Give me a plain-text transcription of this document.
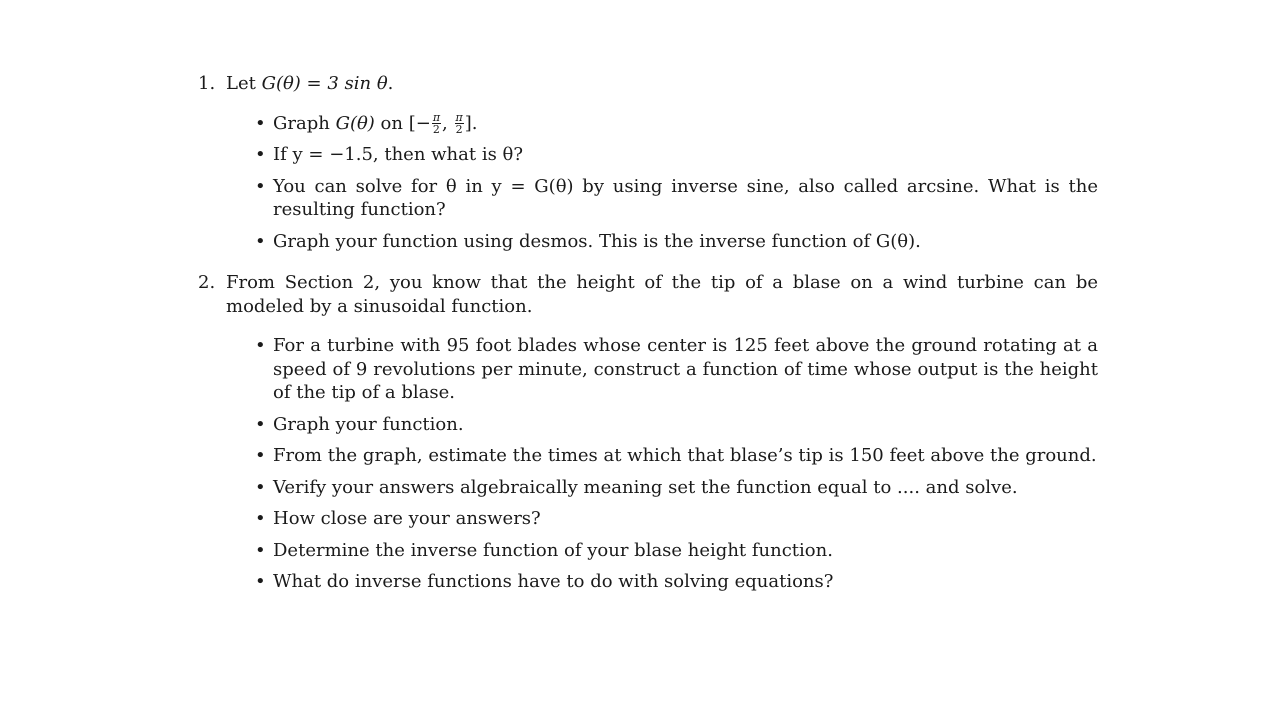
1. Let G(θ) = 3 sin θ.
• Graph G(θ) on [− $\frac{\pi}{2}$ , $\frac{\pi}{2}$ ].
• If y = −1.5, then what is θ?
• You can solve for θ in y = G(θ) by using inverse sine, also called arcsine. What is the resulting function?
• Graph your function using desmos. This is the inverse function of G(θ).
2. From Section 2, you know that the height of the tip of a blase on a wind turbine can be modeled by a sinusoidal function.
• For a turbine with 95 foot blades whose center is 125 feet above the ground rotating at a speed of 9 revolutions per minute, construct a function of time whose output is the height of the tip of a blase.
• Graph your function.
• From the graph, estimate the times at which that blase’s tip is 150 feet above the ground.
• Verify your answers algebraically meaning set the function equal to .... and solve.
• How close are your answers?
• Determine the inverse function of your blase height function.
• What do inverse functions have to do with solving equations?
